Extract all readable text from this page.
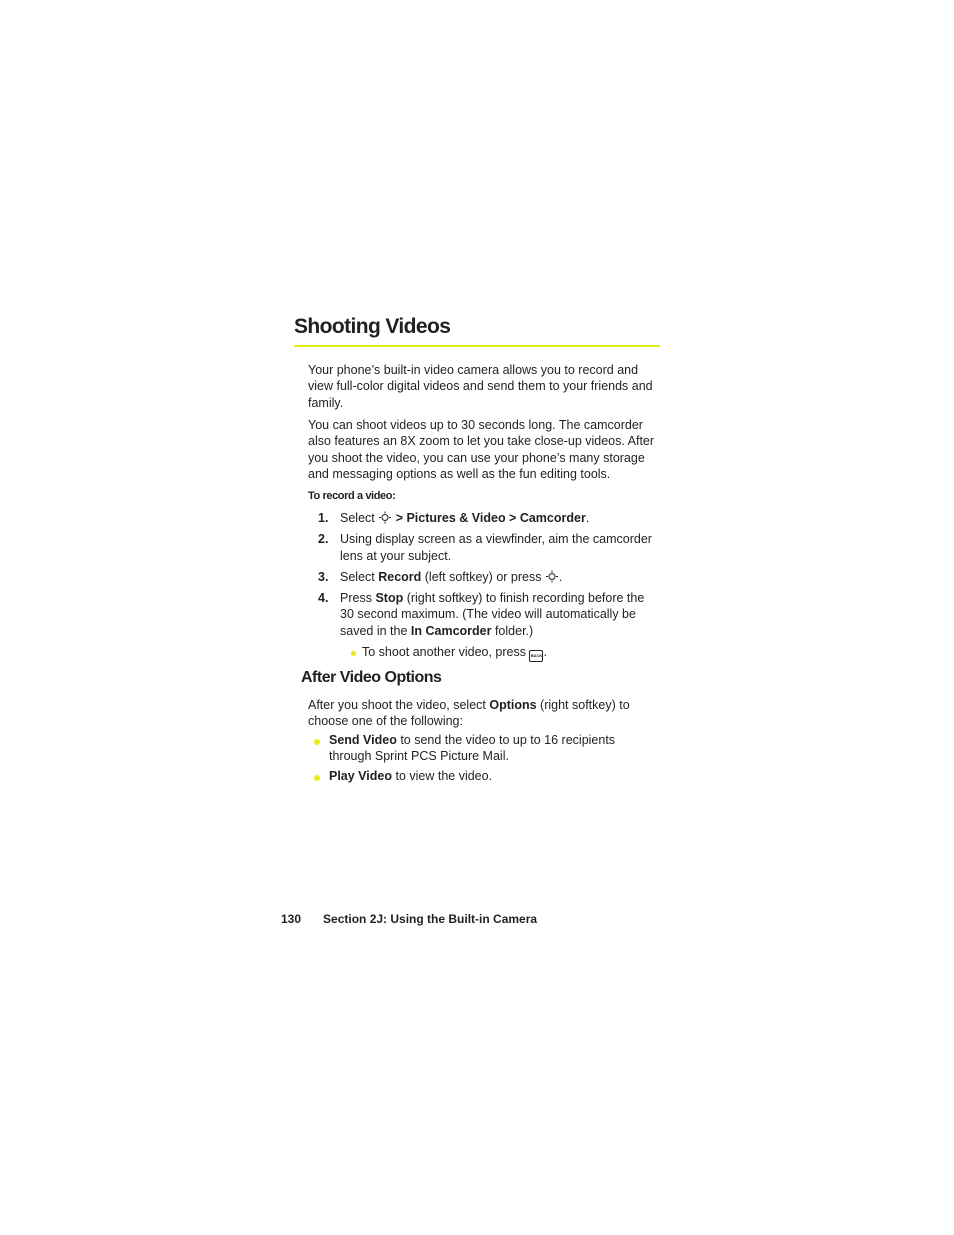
Shooting Videos

Your phone’s built-in video camera allows you to record and view full-color digital videos and send them to your friends and family.

You can shoot videos up to 30 seconds long. The camcorder also features an 8X zoom to let you take close-up videos. After you shoot the video, you can use your phone’s many storage and messaging options as well as the fun editing tools.

To record a video:
1. Select  > Pictures & Video > Camcorder.
2. Using display screen as a viewfinder, aim the camcorder lens at your subject.
3. Select Record (left softkey) or press .
4. Press Stop (right softkey) to finish recording before the 30 second maximum. (The video will automatically be saved in the In Camcorder folder.)
To shoot another video, press BACK.
After Video Options
After you shoot the video, select Options (right softkey) to choose one of the following:
Send Video to send the video to up to 16 recipients through Sprint PCS Picture Mail.
Play Video to view the video.
130 Section 2J: Using the Built-in Camera
